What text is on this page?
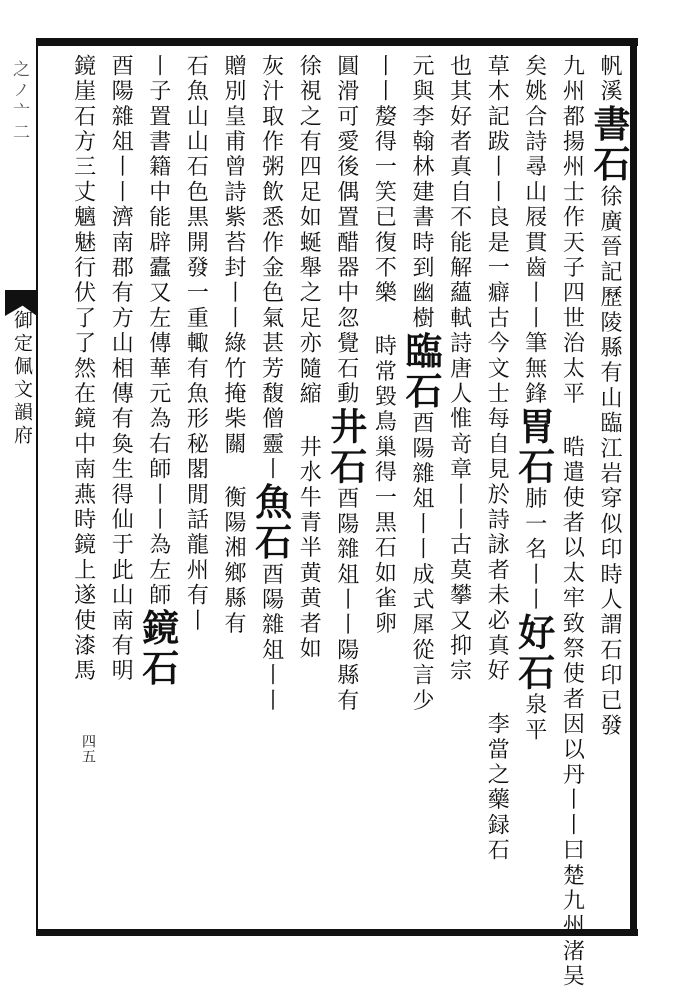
之ノ亠二
御定佩文韻府
四五
帆溪書石徐廣晉記歷陵縣有山臨江岩穿似印時人謂石印已發
九州都揚州士作天子四世治太平 晧遣使者以太牢致祭使者因以丹丨丨曰楚九州渚吴
矣姚合詩尋山屐貫齒丨丨筆無鋒胃石肺一名丨丨好石泉平
草木記跋丨丨良是一癖古今文士每自見於詩詠者未必真好 李當之藥録石
也其好者真自不能解蘊軾詩唐人惟竒章丨丨古莫攀又抑宗
元與李翰林建書時到幽樹臨石酉陽雜俎丨丨成式犀從言少
丨丨嫠得一笑已復不樂 時常毀鳥巢得一黒石如雀卵
圓滑可愛後偶置醋器中忽覺石動井石酉陽雜俎丨丨陽縣有
徐視之有四足如蜒舉之足亦隨縮 井水牛青半黄黄者如
灰汁取作粥飲悉作金色氣甚芳馥僧靈丨魚石酉陽雜俎丨丨
贈別皇甫曾詩紫苔封丨丨綠竹掩柴關 衡陽湘鄉縣有
石魚山山石色黒開發一重輙有魚形秘閣閒話龍州有丨
丨子置書籍中能辟蠹又左傳華元為右師丨丨為左師鏡石
酉陽雜俎丨丨濟南郡有方山相傳有奐生得仙于此山南有明
鏡崖石方三丈魑魅行伏了了然在鏡中南燕時鏡上遂使漆馬
